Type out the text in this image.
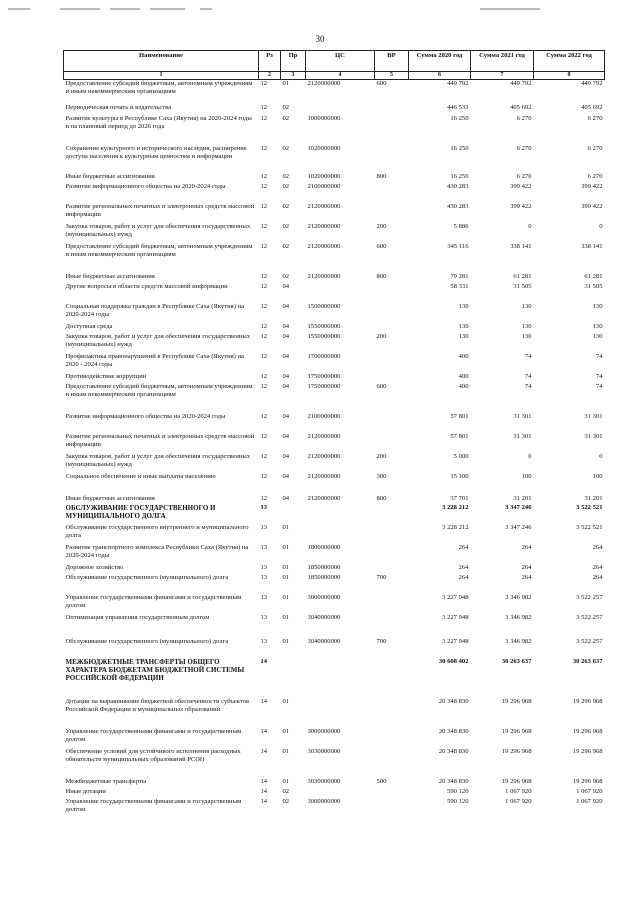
30
Наименование	Рз	Пр	ЦС	ВР	Сумма 2020 год	Сумма 2021 год	Сумма 2022 год
1	2	3	4	5	6	7	8
Предоставление субсидий бюджетным, автономным учреждениям и иным некоммерческим организациям	12	01	2120000000	600	449 792	449 792	449 792
Периодическая печать и издательства	12	02			446 533	405 692	405 692
Развитие культуры в Республике Саха (Якутия) на 2020-2024 годы и на плановый период до 2026 года	12	02	1000000000		16 250	6 270	6 270
Сохранение культурного и исторического наследия, расширение доступа населения к культурным ценностям и информации	12	02	1020000000		16 250	6 270	6 270
Иные бюджетные ассигнования	12	02	1020000000	800	16 250	6 270	6 270
Развитие информационного общества на 2020-2024 годы	12	02	2100000000		430 283	399 422	399 422
Развитие региональных печатных и электронных средств массовой информации	12	02	2120000000		430 283	399 422	399 422
Закупка товаров, работ и услуг для обеспечения государственных (муниципальных) нужд	12	02	2120000000	200	5 886	0	0
Предоставление субсидий бюджетным, автономным учреждениям и иным некоммерческим организациям	12	02	2120000000	600	345 116	338 141	338 141
Иные бюджетные ассигнования	12	02	2120000000	800	79 281	61 281	61 281
Другие вопросы в области средств массовой информации	12	04			58 331	31 505	31 505
Социальная поддержка граждан в Республике Саха (Якутия) на 2020-2024 годы	12	04	1500000000		130	130	130
Доступная среда	12	04	1550000000		130	130	130
Закупка товаров, работ и услуг для обеспечения государственных (муниципальных) нужд	12	04	1550000000	200	130	130	130
Профилактика правонарушений в Республике Саха (Якутия) на 2020 - 2024 годы	12	04	1700000000		400	74	74
Противодействие коррупции	12	04	1750000000		400	74	74
Предоставление субсидий бюджетным, автономным учреждениям и иным некоммерческим организациям	12	04	1750000000	600	400	74	74
Развитие информационного общества на 2020-2024 годы	12	04	2100000000		57 801	31 301	31 301
Развитие региональных печатных и электронных средств массовой информации	12	04	2120000000		57 801	31 301	31 301
Закупка товаров, работ и услуг для обеспечения государственных (муниципальных) нужд	12	04	2120000000	200	5 000	0	0
Социальное обеспечение и иные выплаты населению	12	04	2120000000	300	15 100	100	100
Иные бюджетные ассигнования	12	04	2120000000	800	37 701	31 201	31 201
ОБСЛУЖИВАНИЕ ГОСУДАРСТВЕННОГО И МУНИЦИПАЛЬНОГО ДОЛГА	13				3 228 212	3 347 246	3 522 521
Обслуживание государственного внутреннего и муниципального долга	13	01			3 228 212	3 347 246	3 522 521
Развитие транспортного комплекса Республики Саха (Якутия) на 2020-2024 годы	13	01	1800000000		264	264	264
Дорожное хозяйство	13	01	1850000000		264	264	264
Обслуживание государственного (муниципального) долга	13	01	1850000000	700	264	264	264
Управление государственными финансами и государственным долгом	13	01	3000000000		3 227 948	3 346 982	3 522 257
Оптимизация управления государственным долгом	13	01	3040000000		3 227 948	3 346 982	3 522 257
Обслуживание государственного (муниципального) долга	13	01	3040000000	700	3 227 948	3 346 982	3 522 257
МЕЖБЮДЖЕТНЫЕ ТРАНСФЕРТЫ ОБЩЕГО ХАРАКТЕРА БЮДЖЕТАМ БЮДЖЕТНОЙ СИСТЕМЫ РОССИЙСКОЙ ФЕДЕРАЦИИ	14				30 608 402	30 263 637	30 263 637
Дотации на выравнивание бюджетной обеспеченности субъектов Российской Федерации и муниципальных образований	14	01			20 348 830	19 296 968	19 296 968
Управление государственными финансами и государственным долгом	14	01	3000000000		20 348 830	19 296 968	19 296 968
Обеспечение условий для устойчивого исполнения расходных обязательств муниципальных образований РС(Я)	14	01	3030000000		20 348 830	19 296 968	19 296 968
Межбюджетные трансферты	14	01	3030000000	500	20 348 830	19 296 968	19 296 968
Иные дотации	14	02			590 120	1 067 920	1 067 920
Управление государственными финансами и государственным долгом	14	02	3000000000		590 120	1 067 920	1 067 920
